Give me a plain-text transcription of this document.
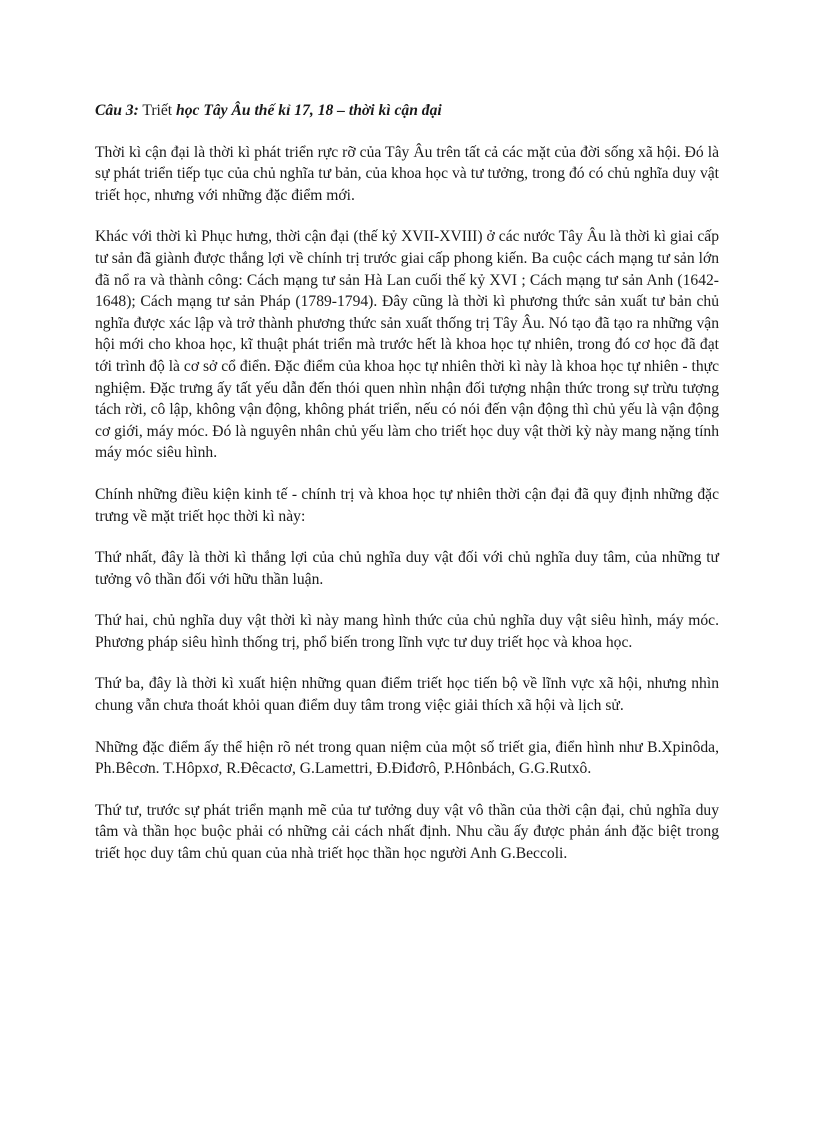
Câu 3: Triết học Tây Âu thế kỉ 17, 18 – thời kì cận đại

Thời kì cận đại là thời kì phát triển rực rỡ của Tây Âu trên tất cả các mặt của đời sống xã hội. Đó là sự phát triển tiếp tục của chủ nghĩa tư bản, của khoa học và tư tưởng, trong đó có chủ nghĩa duy vật triết học, nhưng với những đặc điểm mới.

Khác với thời kì Phục hưng, thời cận đại (thế kỷ XVII-XVIII) ở các nước Tây Âu là thời kì giai cấp tư sản đã giành được thắng lợi về chính trị trước giai cấp phong kiến. Ba cuộc cách mạng tư sản lớn đã nổ ra và thành công: Cách mạng tư sản Hà Lan cuối thế kỷ XVI ; Cách mạng tư sản Anh (1642-1648); Cách mạng tư sản Pháp (1789-1794). Đây cũng là thời kì phương thức sản xuất tư bản chủ nghĩa được xác lập và trở thành phương thức sản xuất thống trị Tây Âu. Nó tạo đã tạo ra những vận hội mới cho khoa học, kĩ thuật phát triển mà trước hết là khoa học tự nhiên, trong đó cơ học đã đạt tới trình độ là cơ sở cổ điển. Đặc điểm của khoa học tự nhiên thời kì này là khoa học tự nhiên - thực nghiệm. Đặc trưng ấy tất yếu dẫn đến thói quen nhìn nhận đối tượng nhận thức trong sự trừu tượng tách rời, cô lập, không vận động, không phát triển, nếu có nói đến vận động thì chủ yếu là vận động cơ giới, máy móc. Đó là nguyên nhân chủ yếu làm cho triết học duy vật thời kỳ này mang nặng tính máy móc siêu hình.

Chính những điều kiện kinh tế - chính trị và khoa học tự nhiên thời cận đại đã quy định những đặc trưng về mặt triết học thời kì này:

Thứ nhất, đây là thời kì thắng lợi của chủ nghĩa duy vật đối với chủ nghĩa duy tâm, của những tư tưởng vô thần đối với hữu thần luận.

Thứ hai, chủ nghĩa duy vật thời kì này mang hình thức của chủ nghĩa duy vật siêu hình, máy móc. Phương pháp siêu hình thống trị, phổ biến trong lĩnh vực tư duy triết học và khoa học.

Thứ ba, đây là thời kì xuất hiện những quan điểm triết học tiến bộ về lĩnh vực xã hội, nhưng nhìn chung vẫn chưa thoát khỏi quan điểm duy tâm trong việc giải thích xã hội và lịch sử.

Những đặc điểm ấy thể hiện rõ nét trong quan niệm của một số triết gia, điển hình như B.Xpinôda, Ph.Bêcơn. T.Hôpxơ, R.Đêcactơ, G.Lamettri, Đ.Điđơrô, P.Hônbách, G.G.Rutxô.

Thứ tư, trước sự phát triển mạnh mẽ của tư tưởng duy vật vô thần của thời cận đại, chủ nghĩa duy tâm và thần học buộc phải có những cải cách nhất định. Nhu cầu ấy được phản ánh đặc biệt trong triết học duy tâm chủ quan của nhà triết học thần học người Anh G.Beccoli.
